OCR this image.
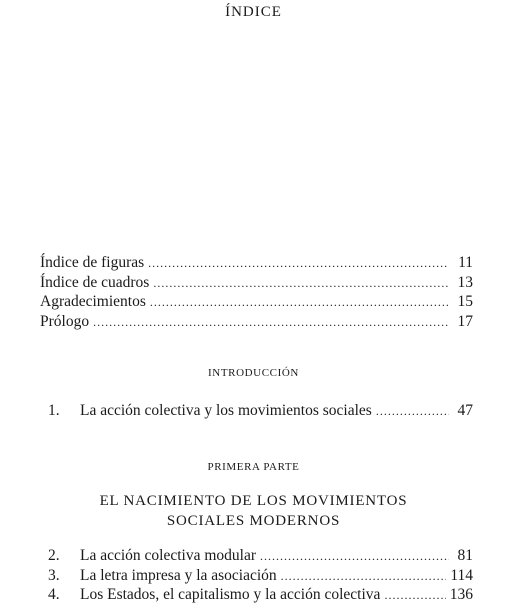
ÍNDICE
Índice de figuras .....	11
Índice de cuadros .....	13
Agradecimientos .....	15
Prólogo .....	17
INTRODUCCIÓN
1.	La acción colectiva y los movimientos sociales .....	47
PRIMERA PARTE
EL NACIMIENTO DE LOS MOVIMIENTOS
SOCIALES MODERNOS
2.	La acción colectiva modular .....	81
3.	La letra impresa y la asociación .....	114
4.	Los Estados, el capitalismo y la acción colectiva .....	136
